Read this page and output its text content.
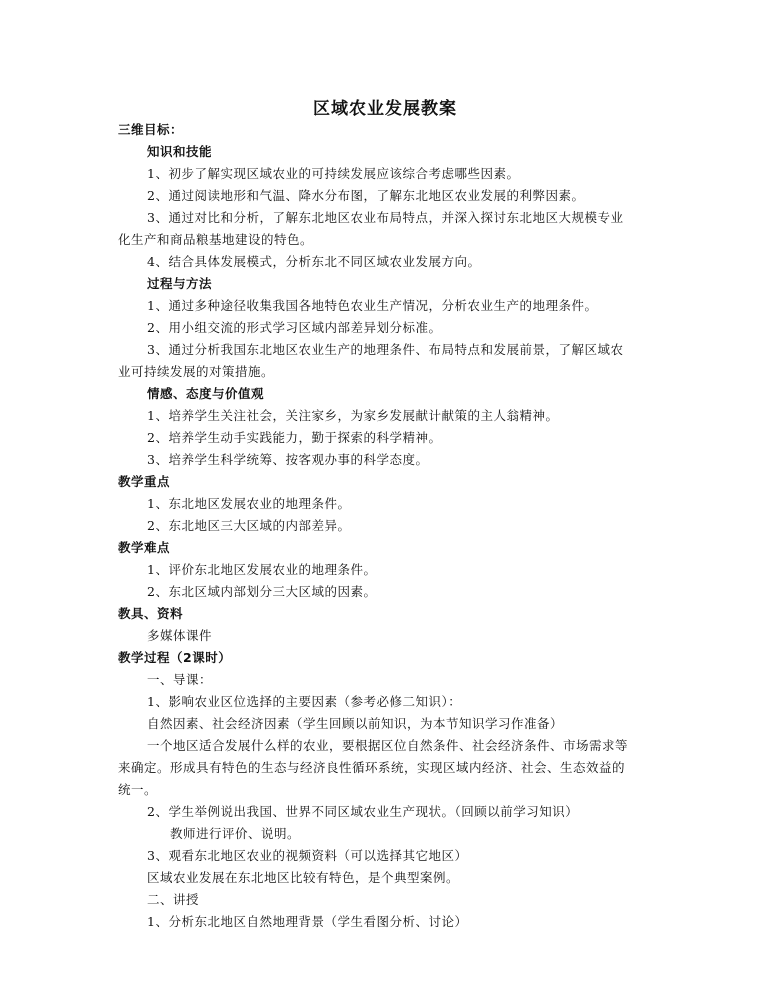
区域农业发展教案
三维目标：
知识和技能
1、初步了解实现区域农业的可持续发展应该综合考虑哪些因素。
2、通过阅读地形和气温、降水分布图，了解东北地区农业发展的利弊因素。
3、通过对比和分析，了解东北地区农业布局特点，并深入探讨东北地区大规模专业
化生产和商品粮基地建设的特色。
4、结合具体发展模式，分析东北不同区域农业发展方向。
过程与方法
1、通过多种途径收集我国各地特色农业生产情况，分析农业生产的地理条件。
2、用小组交流的形式学习区域内部差异划分标准。
3、通过分析我国东北地区农业生产的地理条件、布局特点和发展前景，了解区域农
业可持续发展的对策措施。
情感、态度与价值观
1、培养学生关注社会，关注家乡，为家乡发展献计献策的主人翁精神。
2、培养学生动手实践能力，勤于探索的科学精神。
3、培养学生科学统筹、按客观办事的科学态度。
教学重点
1、东北地区发展农业的地理条件。
2、东北地区三大区域的内部差异。
教学难点
1、评价东北地区发展农业的地理条件。
2、东北区域内部划分三大区域的因素。
教具、资料
多媒体课件
教学过程（2课时）
一、导课：
1、影响农业区位选择的主要因素（参考必修二知识）：
自然因素、社会经济因素（学生回顾以前知识，为本节知识学习作准备）
一个地区适合发展什么样的农业，要根据区位自然条件、社会经济条件、市场需求等
来确定。形成具有特色的生态与经济良性循环系统，实现区域内经济、社会、生态效益的
统一。
2、学生举例说出我国、世界不同区域农业生产现状。（回顾以前学习知识）
教师进行评价、说明。
3、观看东北地区农业的视频资料（可以选择其它地区）
区域农业发展在东北地区比较有特色，是个典型案例。
二、讲授
1、分析东北地区自然地理背景（学生看图分析、讨论）
